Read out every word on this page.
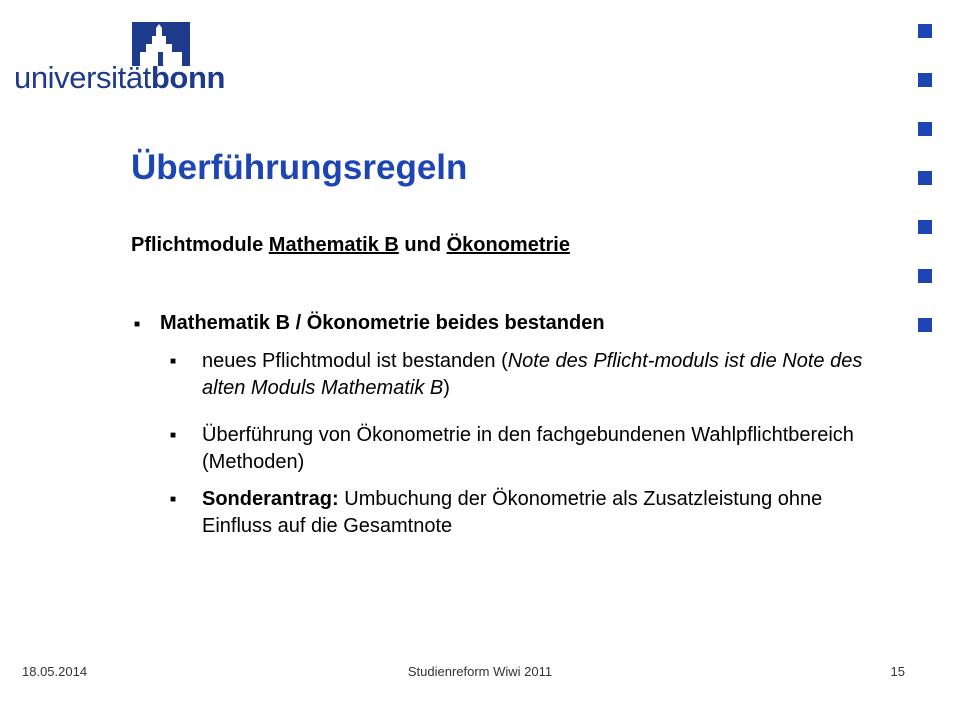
universitätbonn
Überführungsregeln
Pflichtmodule Mathematik B und Ökonometrie
■ Mathematik B / Ökonometrie beides bestanden
■ neues Pflichtmodul ist bestanden (Note des Pflicht-moduls ist die Note des alten Moduls Mathematik B)
■ Überführung von Ökonometrie in den fachgebundenen Wahlpflichtbereich (Methoden)
■ Sonderantrag: Umbuchung der Ökonometrie als Zusatzleistung ohne Einfluss auf die Gesamtnote
18.05.2014	Studienreform Wiwi 2011	15
